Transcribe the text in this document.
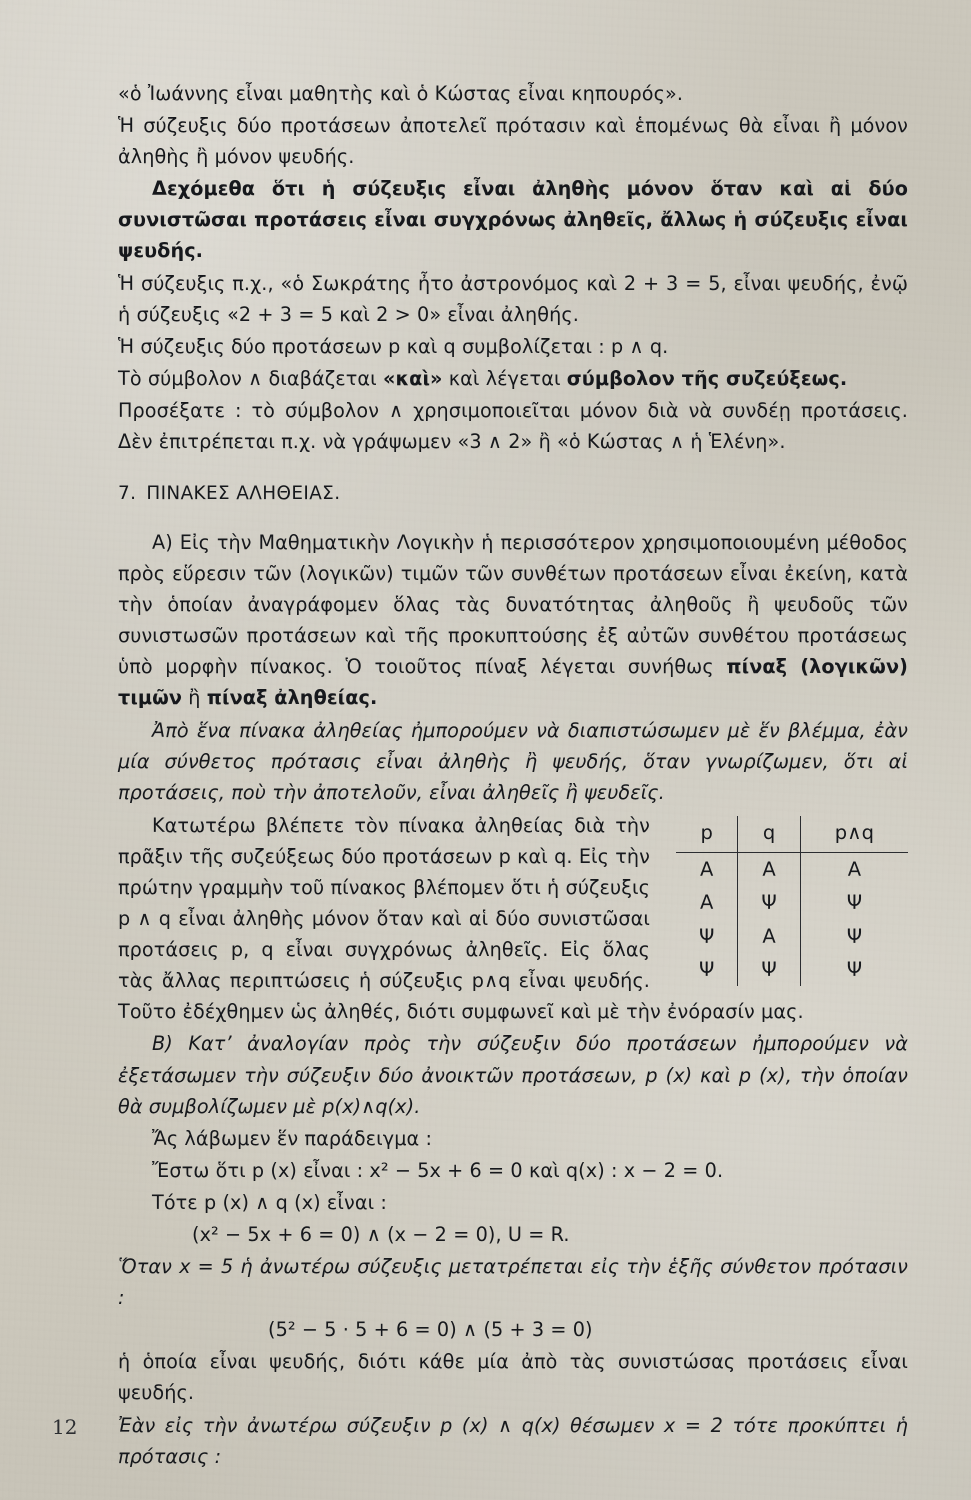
«ὁ Ἰωάννης εἶναι μαθητὴς καὶ ὁ Κώστας εἶναι κηπουρός».

Ἡ σύζευξις δύο προτάσεων ἀποτελεῖ πρότασιν καὶ ἑπομένως θὰ εἶναι ἢ μόνον ἀληθὴς ἢ μόνον ψευδής.

Δεχόμεθα ὅτι ἡ σύζευξις εἶναι ἀληθὴς μόνον ὅταν καὶ αἱ δύο συνιστῶσαι προτάσεις εἶναι συγχρόνως ἀληθεῖς, ἄλλως ἡ σύζευξις εἶναι ψευδής.

Ἡ σύζευξις π.χ., «ὁ Σωκράτης ἦτο ἀστρονόμος καὶ 2 + 3 = 5, εἶναι ψευδής, ἐνῷ ἡ σύζευξις «2 + 3 = 5 καὶ 2 > 0» εἶναι ἀληθής.

Ἡ σύζευξις δύο προτάσεων p καὶ q συμβολίζεται : p ∧ q.

Τὸ σύμβολον ∧ διαβάζεται «καὶ» καὶ λέγεται σύμβολον τῆς συζεύξεως.

Προσέξατε : τὸ σύμβολον ∧ χρησιμοποιεῖται μόνον διὰ νὰ συνδέῃ προτάσεις. Δὲν ἐπιτρέπεται π.χ. νὰ γράψωμεν «3 ∧ 2» ἢ «ὁ Κώστας ∧ ἡ Ἑλένη».

7. ΠΙΝΑΚΕΣ ΑΛΗΘΕΙΑΣ.

Α) Εἰς τὴν Μαθηματικὴν Λογικὴν ἡ περισσότερον χρησιμοποιουμένη μέθοδος πρὸς εὕρεσιν τῶν (λογικῶν) τιμῶν τῶν συνθέτων προτάσεων εἶναι ἐκείνη, κατὰ τὴν ὁποίαν ἀναγράφομεν ὅλας τὰς δυνατότητας ἀληθοῦς ἢ ψευδοῦς τῶν συνιστωσῶν προτάσεων καὶ τῆς προκυπτούσης ἐξ αὐτῶν συνθέτου προτάσεως ὑπὸ μορφὴν πίνακος. Ὁ τοιοῦτος πίναξ λέγεται συνήθως πίναξ (λογικῶν) τιμῶν ἢ πίναξ ἀληθείας.

Ἀπὸ ἕνα πίνακα ἀληθείας ἠμπορούμεν νὰ διαπιστώσωμεν μὲ ἕν βλέμμα, ἐὰν μία σύνθετος πρότασις εἶναι ἀληθὴς ἢ ψευδής, ὅταν γνωρίζωμεν, ὅτι αἱ προτάσεις, ποὺ τὴν ἀποτελοῦν, εἶναι ἀληθεῖς ἢ ψευδεῖς.

p	q	p∧q
Α	Α	Α
Α	Ψ	Ψ
Ψ	Α	Ψ
Ψ	Ψ	Ψ

Κατωτέρω βλέπετε τὸν πίνακα ἀληθείας διὰ τὴν πρᾶξιν τῆς συζεύξεως δύο προτάσεων p καὶ q. Εἰς τὴν πρώτην γραμμὴν τοῦ πίνακος βλέπομεν ὅτι ἡ σύζευξις p ∧ q εἶναι ἀληθὴς μόνον ὅταν καὶ αἱ δύο συνιστῶσαι προτάσεις p, q εἶναι συγχρόνως ἀληθεῖς. Εἰς ὅλας τὰς ἄλλας περιπτώσεις ἡ σύζευξις p∧q εἶναι ψευδής. Τοῦτο ἐδέχθημεν ὡς ἀληθές, διότι συμφωνεῖ καὶ μὲ τὴν ἐνόρασίν μας.

Β) Κατ’ ἀναλογίαν πρὸς τὴν σύζευξιν δύο προτάσεων ἠμπορούμεν νὰ ἐξετάσωμεν τὴν σύζευξιν δύο ἀνοικτῶν προτάσεων, p (x) καὶ p (x), τὴν ὁποίαν θὰ συμβολίζωμεν μὲ p(x)∧q(x).

Ἄς λάβωμεν ἕν παράδειγμα :

Ἔστω ὅτι p (x) εἶναι : x² − 5x + 6 = 0 καὶ q(x) : x − 2 = 0.

Τότε p (x) ∧ q (x) εἶναι :

(x² − 5x + 6 = 0) ∧ (x − 2 = 0), U = R.

Ὅταν x = 5 ἡ ἀνωτέρω σύζευξις μετατρέπεται εἰς τὴν ἑξῆς σύνθετον πρότασιν :

(5² − 5 · 5 + 6 = 0) ∧ (5 + 3 = 0)

ἡ ὁποία εἶναι ψευδής, διότι κάθε μία ἀπὸ τὰς συνιστώσας προτάσεις εἶναι ψευδής.

Ἐὰν εἰς τὴν ἀνωτέρω σύζευξιν p (x) ∧ q(x) θέσωμεν x = 2 τότε προκύπτει ἡ πρότασις :

12
